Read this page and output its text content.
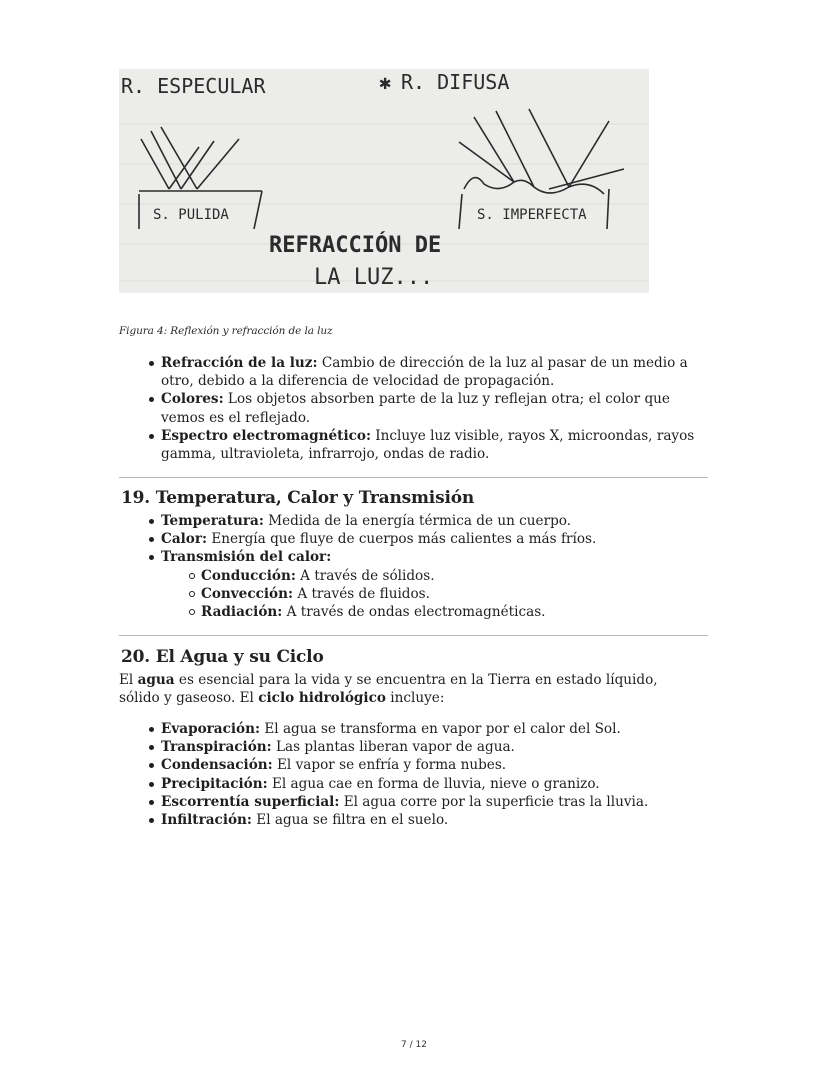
R. ESPECULAR	✱ R. DIFUSA
S. PULIDA	S. IMPERFECTA
REFRACCIÓN DE
LA LUZ...
Figura 4: Reflexión y refracción de la luz
Refracción de la luz: Cambio de dirección de la luz al pasar de un medio a otro, debido a la diferencia de velocidad de propagación.
Colores: Los objetos absorben parte de la luz y reflejan otra; el color que vemos es el reflejado.
Espectro electromagnético: Incluye luz visible, rayos X, microondas, rayos gamma, ultravioleta, infrarrojo, ondas de radio.
19. Temperatura, Calor y Transmisión
Temperatura: Medida de la energía térmica de un cuerpo.
Calor: Energía que fluye de cuerpos más calientes a más fríos.
Transmisión del calor:
Conducción: A través de sólidos.
Convección: A través de fluidos.
Radiación: A través de ondas electromagnéticas.
20. El Agua y su Ciclo

El agua es esencial para la vida y se encuentra en la Tierra en estado líquido, sólido y gaseoso. El ciclo hidrológico incluye:

Evaporación: El agua se transforma en vapor por el calor del Sol.
Transpiración: Las plantas liberan vapor de agua.
Condensación: El vapor se enfría y forma nubes.
Precipitación: El agua cae en forma de lluvia, nieve o granizo.
Escorrentía superficial: El agua corre por la superficie tras la lluvia.
Infiltración: El agua se filtra en el suelo.
7 / 12
